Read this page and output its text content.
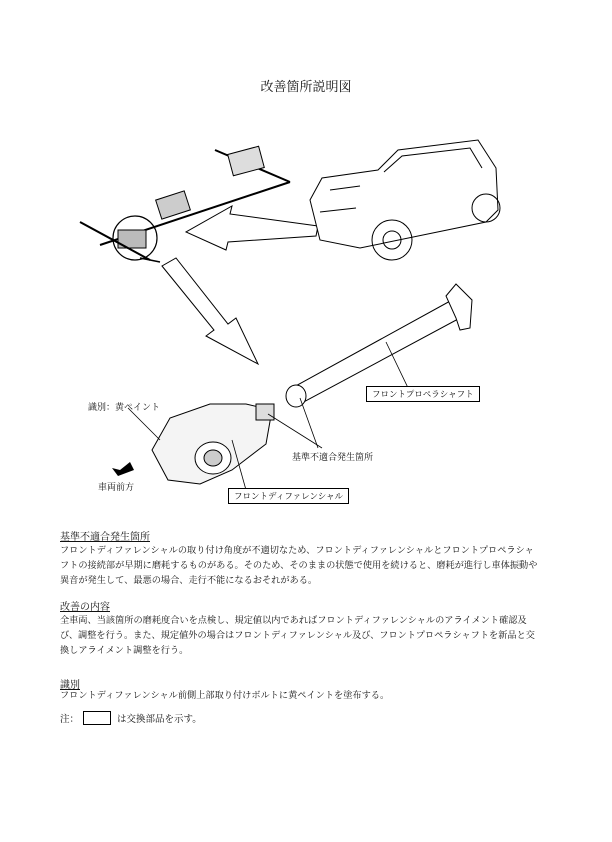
改善箇所説明図
識別：黄ペイント
車両前方
基準不適合発生箇所
フロントプロペラシャフト
フロントディファレンシャル
基準不適合発生箇所
フロントディファレンシャルの取り付け角度が不適切なため、フロントディファレンシャルとフロントプロペラシャフトの接続部が早期に磨耗するものがある。そのため、そのままの状態で使用を続けると、磨耗が進行し車体振動や異音が発生して、最悪の場合、走行不能になるおそれがある。
改善の内容
全車両、当該箇所の磨耗度合いを点検し、規定値以内であればフロントディファレンシャルのアライメント確認及び、調整を行う。また、規定値外の場合はフロントディファレンシャル及び、フロントプロペラシャフトを新品と交換しアライメント調整を行う。
識別
フロントディファレンシャル前側上部取り付けボルトに黄ペイントを塗布する。
注：	は交換部品を示す。
